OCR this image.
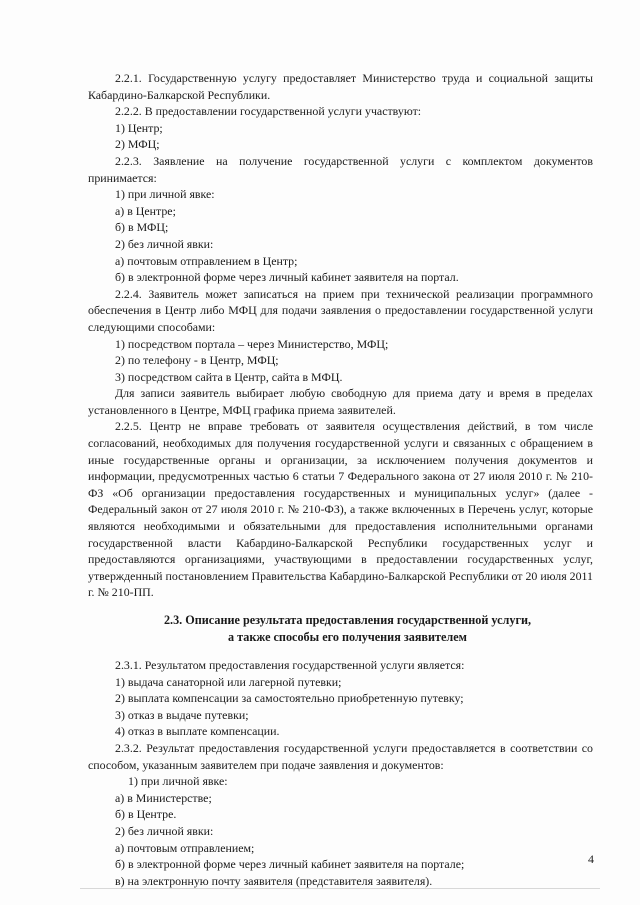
2.2.1. Государственную услугу предоставляет Министерство труда и социальной защиты Кабардино-Балкарской Республики.

2.2.2. В предоставлении государственной услуги участвуют:

1) Центр;

2) МФЦ;

2.2.3. Заявление на получение государственной услуги с комплектом документов принимается:

1) при личной явке:

а) в Центре;

б) в МФЦ;

2) без личной явки:

а) почтовым отправлением в Центр;

б) в электронной форме через личный кабинет заявителя на портал.

2.2.4. Заявитель может записаться на прием при технической реализации программного обеспечения в Центр либо МФЦ для подачи заявления о предоставлении государственной услуги следующими способами:

1) посредством портала – через Министерство, МФЦ;

2) по телефону - в Центр, МФЦ;

3) посредством сайта в Центр, сайта в МФЦ.

Для записи заявитель выбирает любую свободную для приема дату и время в пределах установленного в Центре, МФЦ графика приема заявителей.

2.2.5. Центр не вправе требовать от заявителя осуществления действий, в том числе согласований, необходимых для получения государственной услуги и связанных с обращением в иные государственные органы и организации, за исключением получения документов и информации, предусмотренных частью 6 статьи 7 Федерального закона от 27 июля 2010 г. № 210-ФЗ «Об организации предоставления государственных и муниципальных услуг» (далее - Федеральный закон от 27 июля 2010 г. № 210-ФЗ), а также включенных в Перечень услуг, которые являются необходимыми и обязательными для предоставления исполнительными органами государственной власти Кабардино-Балкарской Республики государственных услуг и предоставляются организациями, участвующими в предоставлении государственных услуг, утвержденный постановлением Правительства Кабардино-Балкарской Республики от 20 июля 2011 г. № 210-ПП.

2.3. Описание результата предоставления государственной услуги,

а также способы его получения заявителем

2.3.1. Результатом предоставления государственной услуги является:

1) выдача санаторной или лагерной путевки;

2) выплата компенсации за самостоятельно приобретенную путевку;

3) отказ в выдаче путевки;

4) отказ в выплате компенсации.

2.3.2. Результат предоставления государственной услуги предоставляется в соответствии со способом, указанным заявителем при подаче заявления и документов:

1) при личной явке:

а) в Министерстве;

б) в Центре.

2) без личной явки:

а) почтовым отправлением;

б) в электронной форме через личный кабинет заявителя на портале;

в) на электронную почту заявителя (представителя заявителя).

4
